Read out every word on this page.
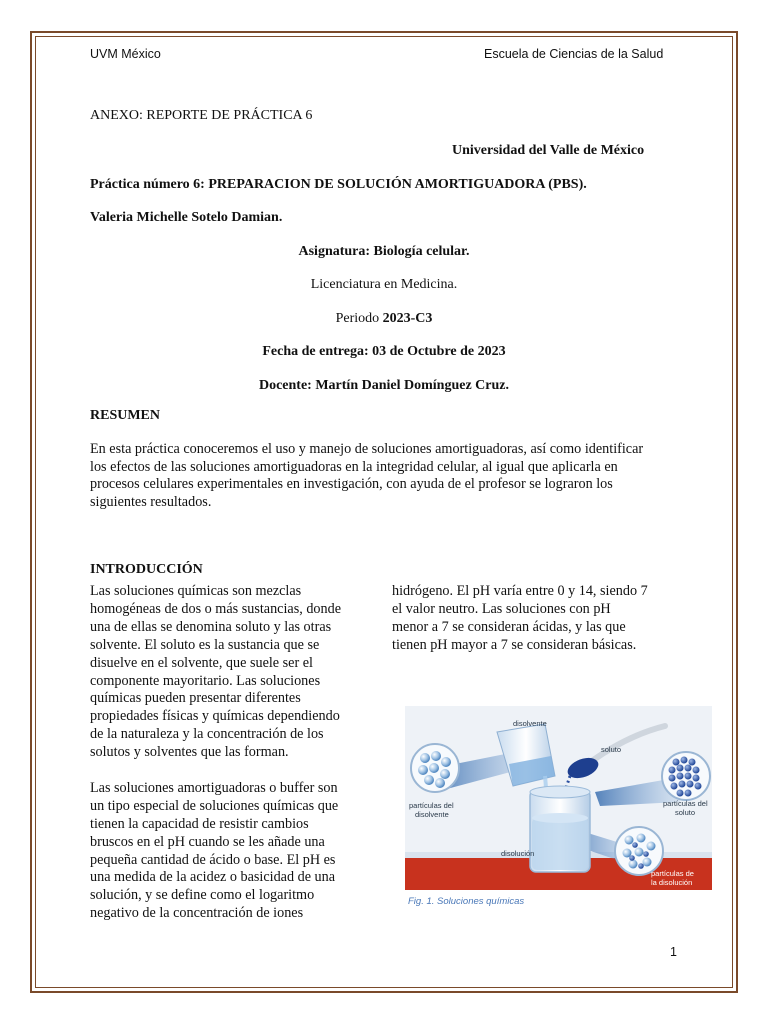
UVM México	Escuela de Ciencias de la Salud
ANEXO: REPORTE DE PRÁCTICA 6
Universidad del Valle de México
Práctica número 6: PREPARACION DE SOLUCIÓN AMORTIGUADORA (PBS).
Valeria Michelle Sotelo Damian.
Asignatura: Biología celular.
Licenciatura en Medicina.
Periodo 2023-C3
Fecha de entrega: 03 de Octubre de 2023
Docente: Martín Daniel Domínguez Cruz.
RESUMEN
En esta práctica conoceremos el uso y manejo de soluciones amortiguadoras, así como identificar
los efectos de las soluciones amortiguadoras en la integridad celular, al igual que aplicarla en
procesos celulares experimentales en investigación, con ayuda de el profesor se lograron los
siguientes resultados.
INTRODUCCIÓN
Las soluciones químicas son mezclas
homogéneas de dos o más sustancias, donde
una de ellas se denomina soluto y las otras
solvente. El soluto es la sustancia que se
disuelve en el solvente, que suele ser el
componente mayoritario. Las soluciones
químicas pueden presentar diferentes
propiedades físicas y químicas dependiendo
de la naturaleza y la concentración de los
solutos y solventes que las forman.
Las soluciones amortiguadoras o buffer son
un tipo especial de soluciones químicas que
tienen la capacidad de resistir cambios
bruscos en el pH cuando se les añade una
pequeña cantidad de ácido o base. El pH es
una medida de la acidez o basicidad de una
solución, y se define como el logaritmo
negativo de la concentración de iones
hidrógeno. El pH varía entre 0 y 14, siendo 7
el valor neutro. Las soluciones con pH
menor a 7 se consideran ácidas, y las que
tienen pH mayor a 7 se consideran básicas.
disolvente
soluto
partículas del
disolvente
partículas del
soluto
disolución
partículas de
la disolución
Fig. 1. Soluciones químicas
1
